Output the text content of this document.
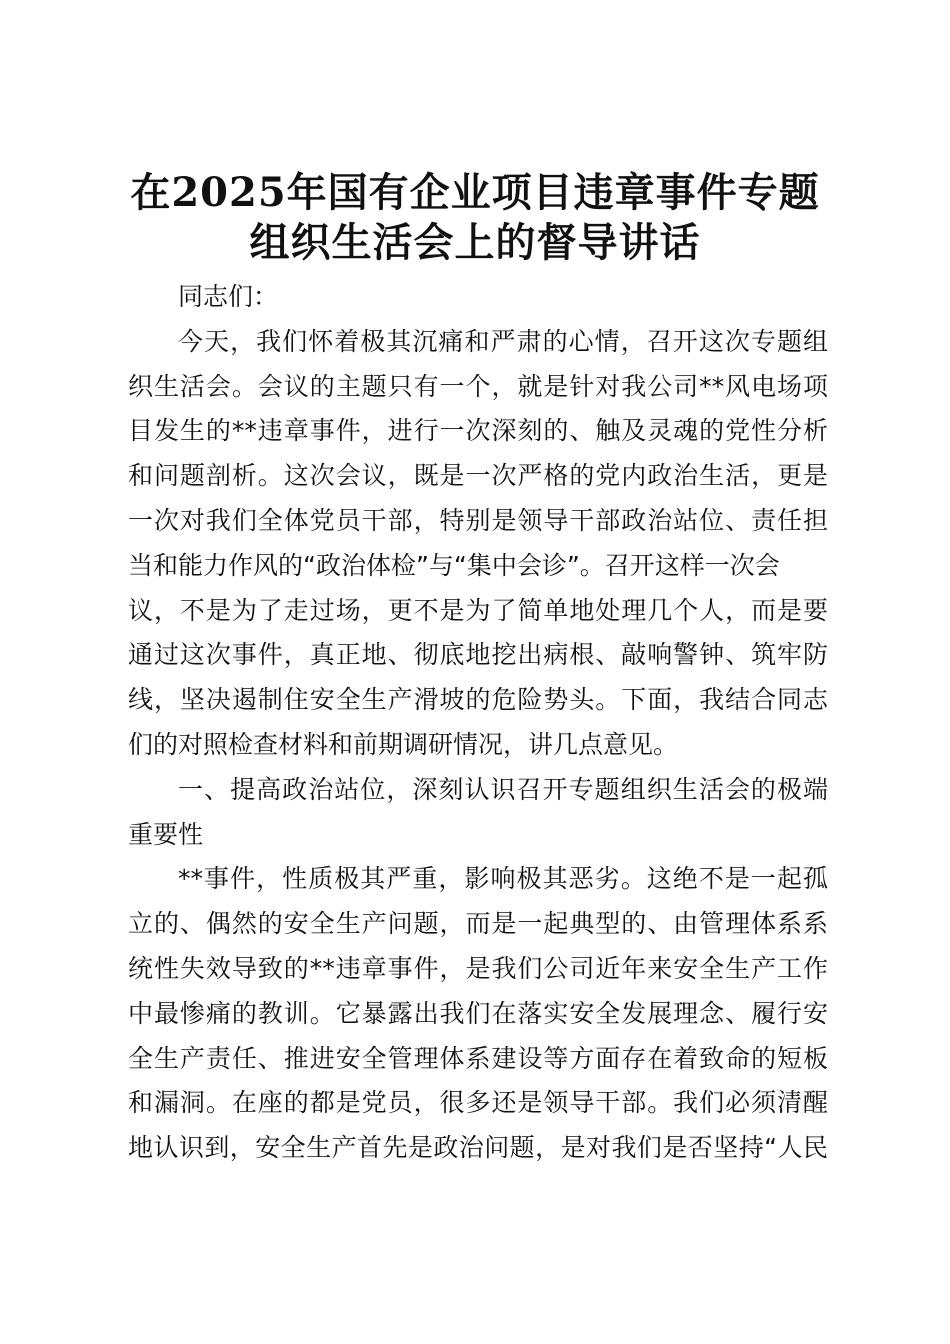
在2025年国有企业项目违章事件专题
组织生活会上的督导讲话
同志们：
今天，我们怀着极其沉痛和严肃的心情，召开这次专题组
织生活会。会议的主题只有一个，就是针对我公司**风电场项
目发生的**违章事件，进行一次深刻的、触及灵魂的党性分析
和问题剖析。这次会议，既是一次严格的党内政治生活，更是
一次对我们全体党员干部，特别是领导干部政治站位、责任担
当和能力作风的“政治体检”与“集中会诊”。召开这样一次会
议，不是为了走过场，更不是为了简单地处理几个人，而是要
通过这次事件，真正地、彻底地挖出病根、敲响警钟、筑牢防
线，坚决遏制住安全生产滑坡的危险势头。下面，我结合同志
们的对照检查材料和前期调研情况，讲几点意见。
一、提高政治站位，深刻认识召开专题组织生活会的极端
重要性
**事件，性质极其严重，影响极其恶劣。这绝不是一起孤
立的、偶然的安全生产问题，而是一起典型的、由管理体系系
统性失效导致的**违章事件，是我们公司近年来安全生产工作
中最惨痛的教训。它暴露出我们在落实安全发展理念、履行安
全生产责任、推进安全管理体系建设等方面存在着致命的短板
和漏洞。在座的都是党员，很多还是领导干部。我们必须清醒
地认识到，安全生产首先是政治问题，是对我们是否坚持“人民
